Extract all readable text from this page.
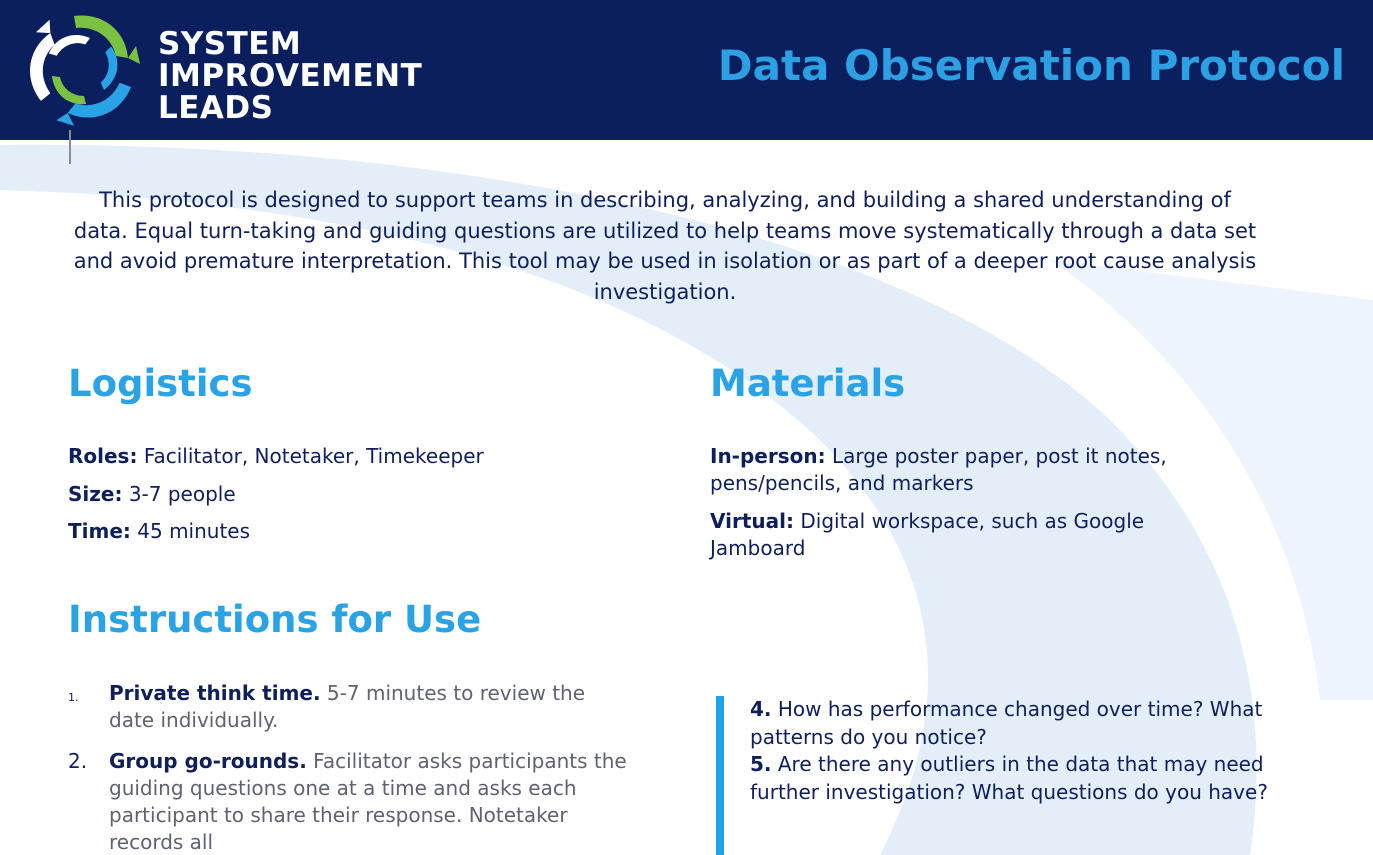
SYSTEM
IMPROVEMENT
LEADS
Data Observation Protocol

This protocol is designed to support teams in describing, analyzing, and building a shared understanding of data. Equal turn-taking and guiding questions are utilized to help teams move systematically through a data set and avoid premature interpretation. This tool may be used in isolation or as part of a deeper root cause analysis investigation.

Logistics
Roles: Facilitator, Notetaker, Timekeeper
Size: 3-7 people
Time: 45 minutes
Materials
In-person: Large poster paper, post it notes, pens/pencils, and markers
Virtual: Digital workspace, such as Google Jamboard
Instructions for Use
1. Private think time. 5-7 minutes to review the date individually.
2. Group go-rounds. Facilitator asks participants the guiding questions one at a time and asks each participant to share their response. Notetaker records all
4. How has performance changed over time? What patterns do you notice?
5. Are there any outliers in the data that may need further investigation? What questions do you have?
